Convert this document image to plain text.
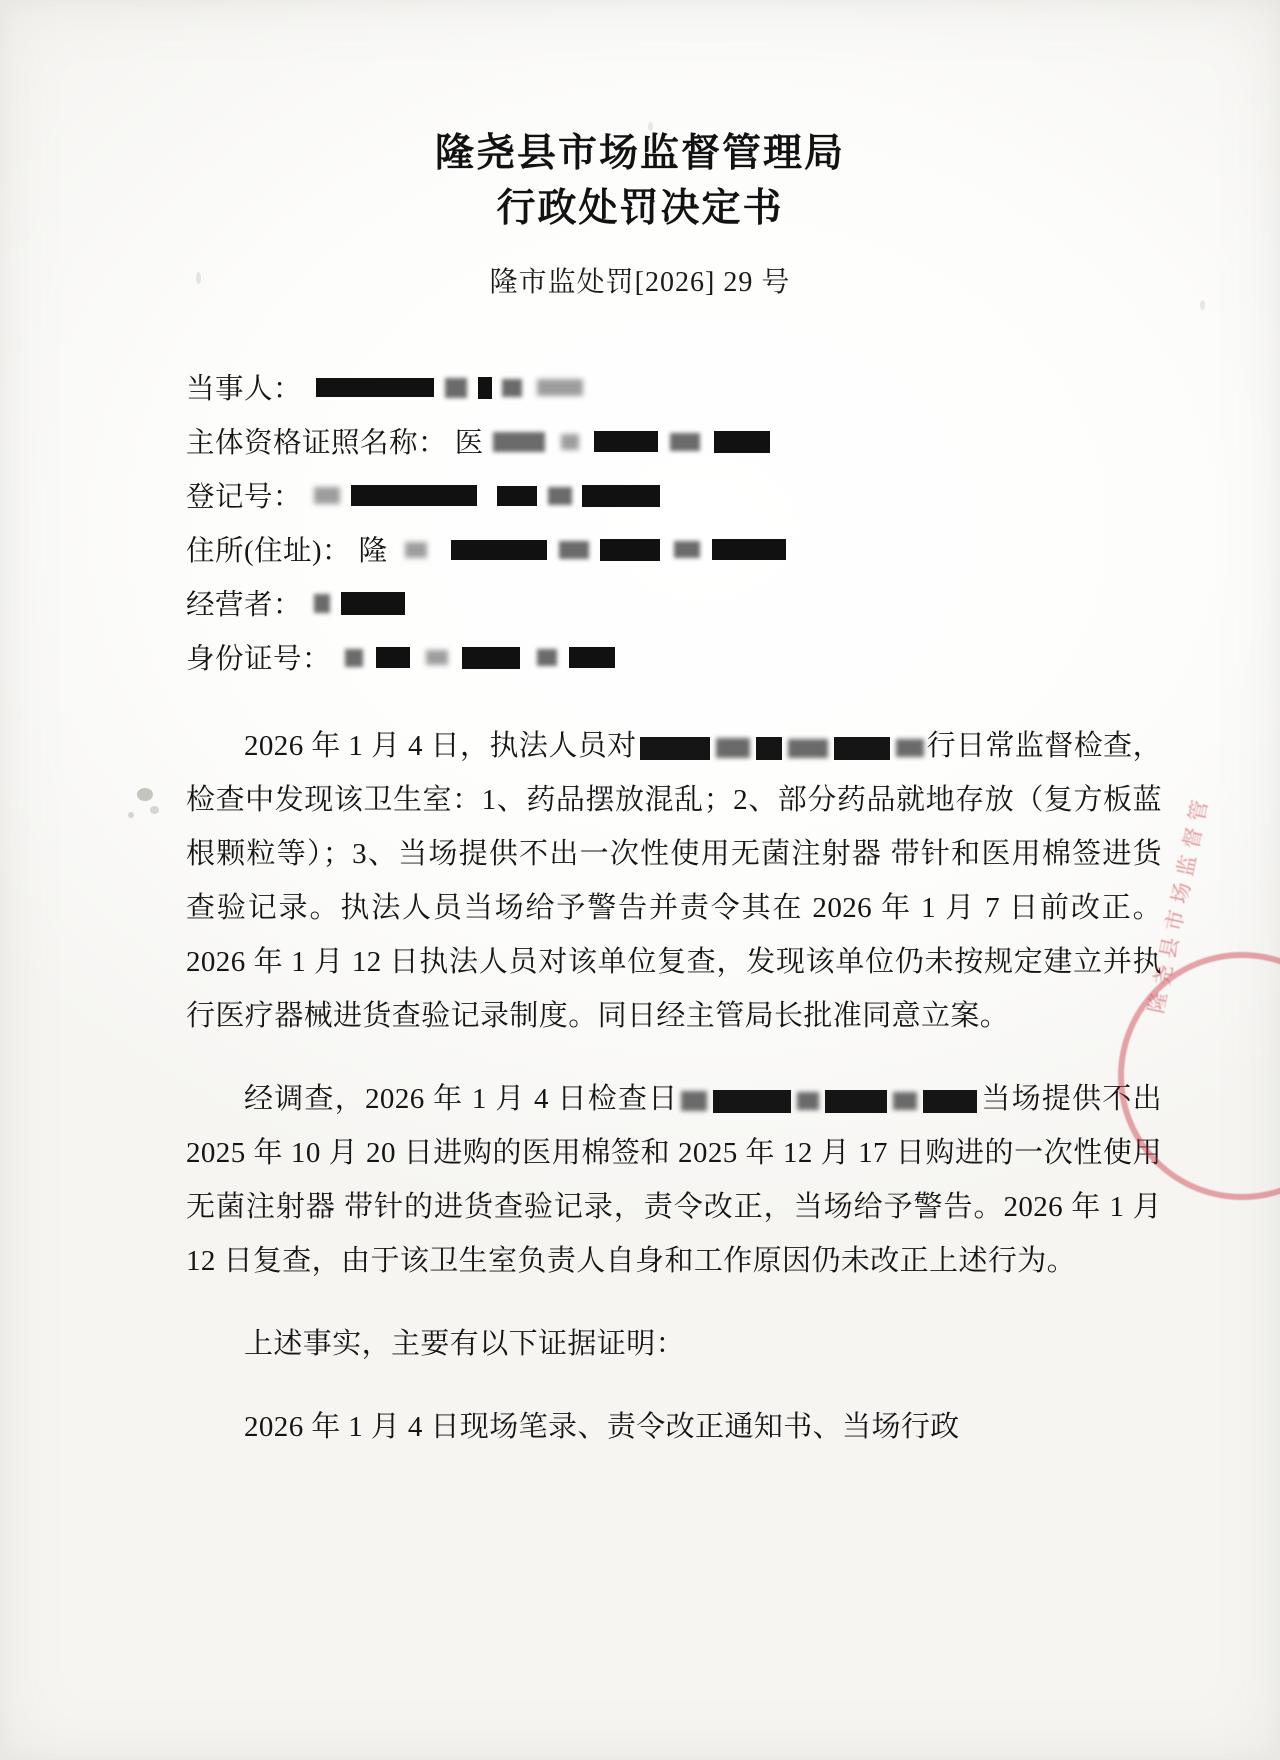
隆尧县市场监督管理局
行政处罚决定书
隆市监处罚[2026] 29 号
当事人：
主体资格证照名称： 医
登记号：
住所(住址)： 隆
经营者：
身份证号：

2026 年 1 月 4 日，执法人员对	行日常监督检查，检查中发现该卫生室：1、药品摆放混乱；2、部分药品就地存放（复方板蓝根颗粒等）；3、当场提供不出一次性使用无菌注射器 带针和医用棉签进货查验记录。执法人员当场给予警告并责令其在 2026 年 1 月 7 日前改正。2026 年 1 月 12 日执法人员对该单位复查，发现该单位仍未按规定建立并执行医疗器械进货查验记录制度。同日经主管局长批准同意立案。

经调查，2026 年 1 月 4 日检查日	当场提供不出 2025 年 10 月 20 日进购的医用棉签和 2025 年 12 月 17 日购进的一次性使用无菌注射器 带针的进货查验记录，责令改正，当场给予警告。2026 年 1 月 12 日复查，由于该卫生室负责人自身和工作原因仍未改正上述行为。

上述事实，主要有以下证据证明：

2026 年 1 月 4 日现场笔录、责令改正通知书、当场行政

隆尧县市场监督管
